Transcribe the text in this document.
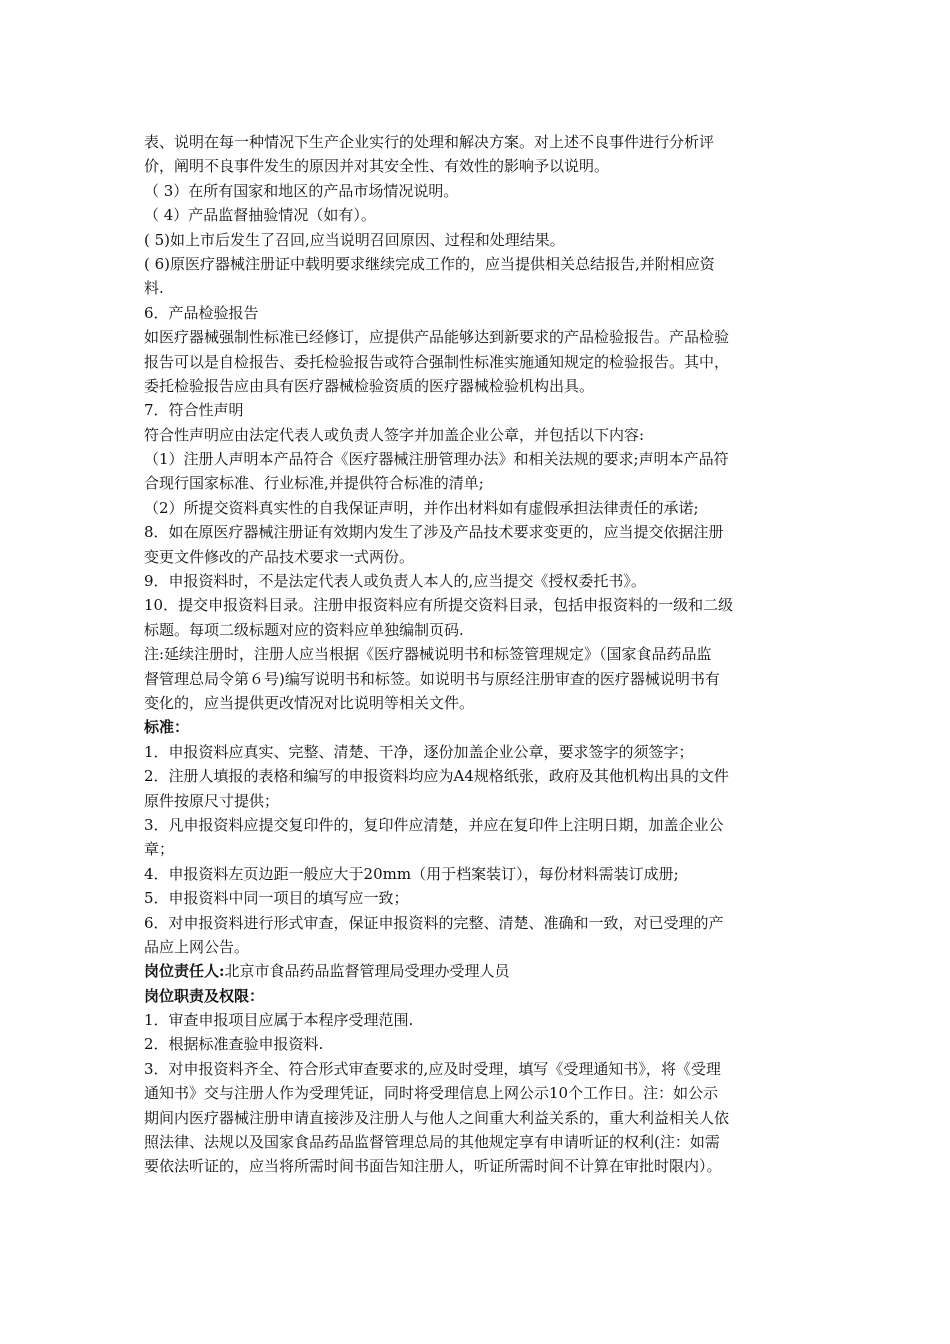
表、说明在每一种情况下生产企业实行的处理和解决方案。对上述不良事件进行分析评
价，阐明不良事件发生的原因并对其安全性、有效性的影响予以说明。
（ 3）在所有国家和地区的产品市场情况说明。
（ 4）产品监督抽验情况（如有）。
( 5)如上市后发生了召回,应当说明召回原因、过程和处理结果。
( 6)原医疗器械注册证中载明要求继续完成工作的，应当提供相关总结报告,并附相应资
料.
6．产品检验报告
如医疗器械强制性标准已经修订，应提供产品能够达到新要求的产品检验报告。产品检验
报告可以是自检报告、委托检验报告或符合强制性标准实施通知规定的检验报告。其中，
委托检验报告应由具有医疗器械检验资质的医疗器械检验机构出具。
7．符合性声明
符合性声明应由法定代表人或负责人签字并加盖企业公章，并包括以下内容:
（1）注册人声明本产品符合《医疗器械注册管理办法》和相关法规的要求;声明本产品符
合现行国家标准、行业标准,并提供符合标准的清单;
（2）所提交资料真实性的自我保证声明，并作出材料如有虚假承担法律责任的承诺;
8．如在原医疗器械注册证有效期内发生了涉及产品技术要求变更的，应当提交依据注册
变更文件修改的产品技术要求一式两份。
9．申报资料时，不是法定代表人或负责人本人的,应当提交《授权委托书》。
10．提交申报资料目录。注册申报资料应有所提交资料目录，包括申报资料的一级和二级
标题。每项二级标题对应的资料应单独编制页码.
注:延续注册时，注册人应当根据《医疗器械说明书和标签管理规定》（国家食品药品监
督管理总局令第６号)编写说明书和标签。如说明书与原经注册审查的医疗器械说明书有
变化的，应当提供更改情况对比说明等相关文件。
标准：
1．申报资料应真实、完整、清楚、干净，逐份加盖企业公章，要求签字的须签字；
2．注册人填报的表格和编写的申报资料均应为A4规格纸张，政府及其他机构出具的文件
原件按原尺寸提供；
3．凡申报资料应提交复印件的，复印件应清楚，并应在复印件上注明日期，加盖企业公
章；
4．申报资料左页边距一般应大于20mm（用于档案装订），每份材料需装订成册;
5．申报资料中同一项目的填写应一致；
6．对申报资料进行形式审查，保证申报资料的完整、清楚、准确和一致，对已受理的产
品应上网公告。
岗位责任人:北京市食品药品监督管理局受理办受理人员
岗位职责及权限：
1．审查申报项目应属于本程序受理范围.
2．根据标准查验申报资料.
3．对申报资料齐全、符合形式审查要求的,应及时受理，填写《受理通知书》，将《受理
通知书》交与注册人作为受理凭证，同时将受理信息上网公示10个工作日。注：如公示
期间内医疗器械注册申请直接涉及注册人与他人之间重大利益关系的，重大利益相关人依
照法律、法规以及国家食品药品监督管理总局的其他规定享有申请听证的权利(注：如需
要依法听证的，应当将所需时间书面告知注册人，听证所需时间不计算在审批时限内）。
